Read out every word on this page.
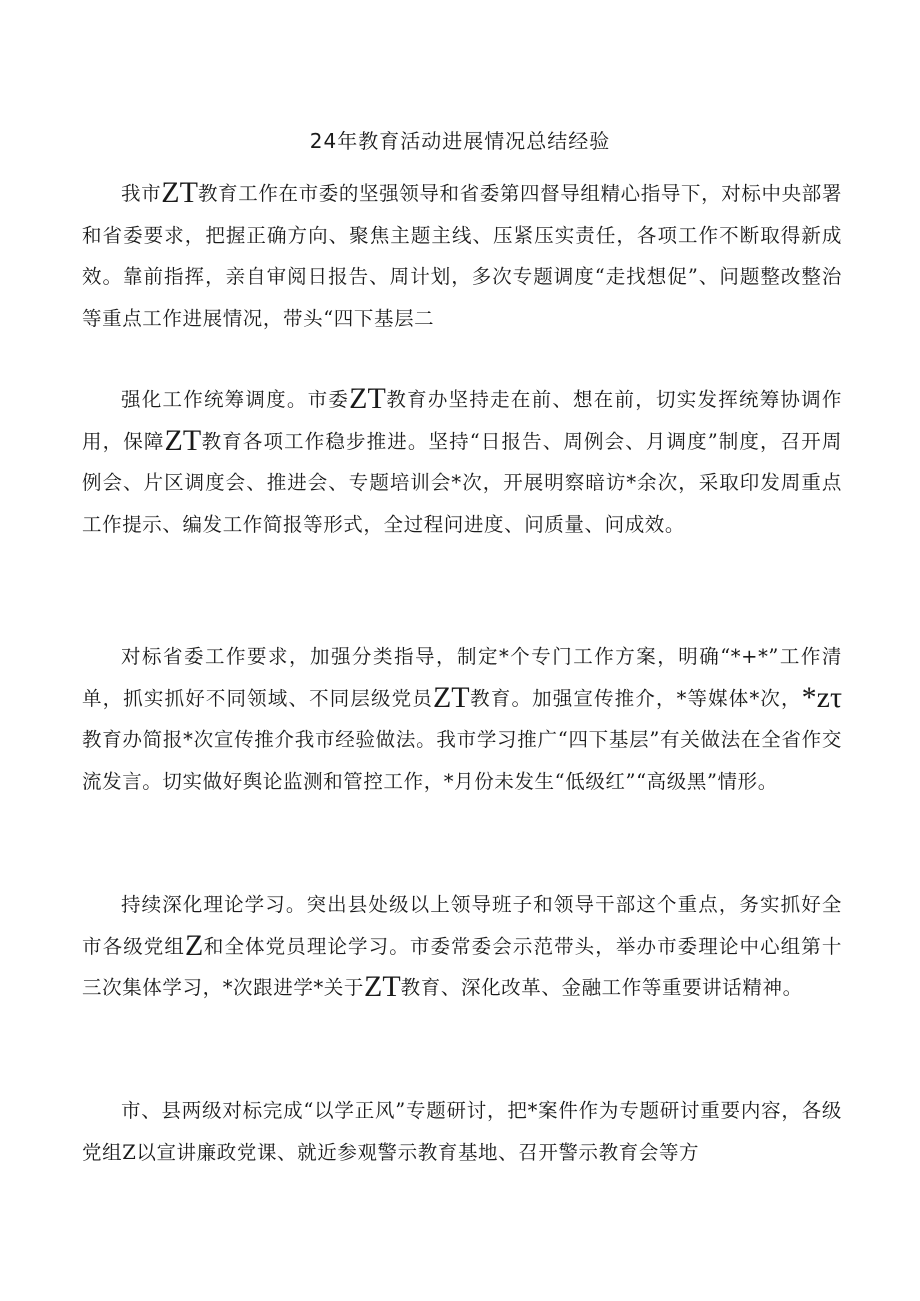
24年教育活动进展情况总结经验

我市ZT教育工作在市委的坚强领导和省委第四督导组精心指导下，对标中央部署和省委要求，把握正确方向、聚焦主题主线、压紧压实责任，各项工作不断取得新成效。靠前指挥，亲自审阅日报告、周计划，多次专题调度“走找想促”、问题整改整治等重点工作进展情况，带头“四下基层二

强化工作统筹调度。市委ZT教育办坚持走在前、想在前，切实发挥统筹协调作用，保障ZT教育各项工作稳步推进。坚持“日报告、周例会、月调度”制度，召开周例会、片区调度会、推进会、专题培训会*次，开展明察暗访*余次，采取印发周重点工作提示、编发工作简报等形式，全过程问进度、问质量、问成效。

对标省委工作要求，加强分类指导，制定*个专门工作方案，明确“*+*”工作清单，抓实抓好不同领域、不同层级党员ZT教育。加强宣传推介，*等媒体*次，*zτ教育办简报*次宣传推介我市经验做法。我市学习推广“四下基层”有关做法在全省作交流发言。切实做好舆论监测和管控工作，*月份未发生“低级红”“高级黑”情形。

持续深化理论学习。突出县处级以上领导班子和领导干部这个重点，务实抓好全市各级党组Z和全体党员理论学习。市委常委会示范带头，举办市委理论中心组第十三次集体学习，*次跟进学*关于ZT教育、深化改革、金融工作等重要讲话精神。

市、县两级对标完成“以学正风”专题研讨，把*案件作为专题研讨重要内容，各级党组Z以宣讲廉政党课、就近参观警示教育基地、召开警示教育会等方
